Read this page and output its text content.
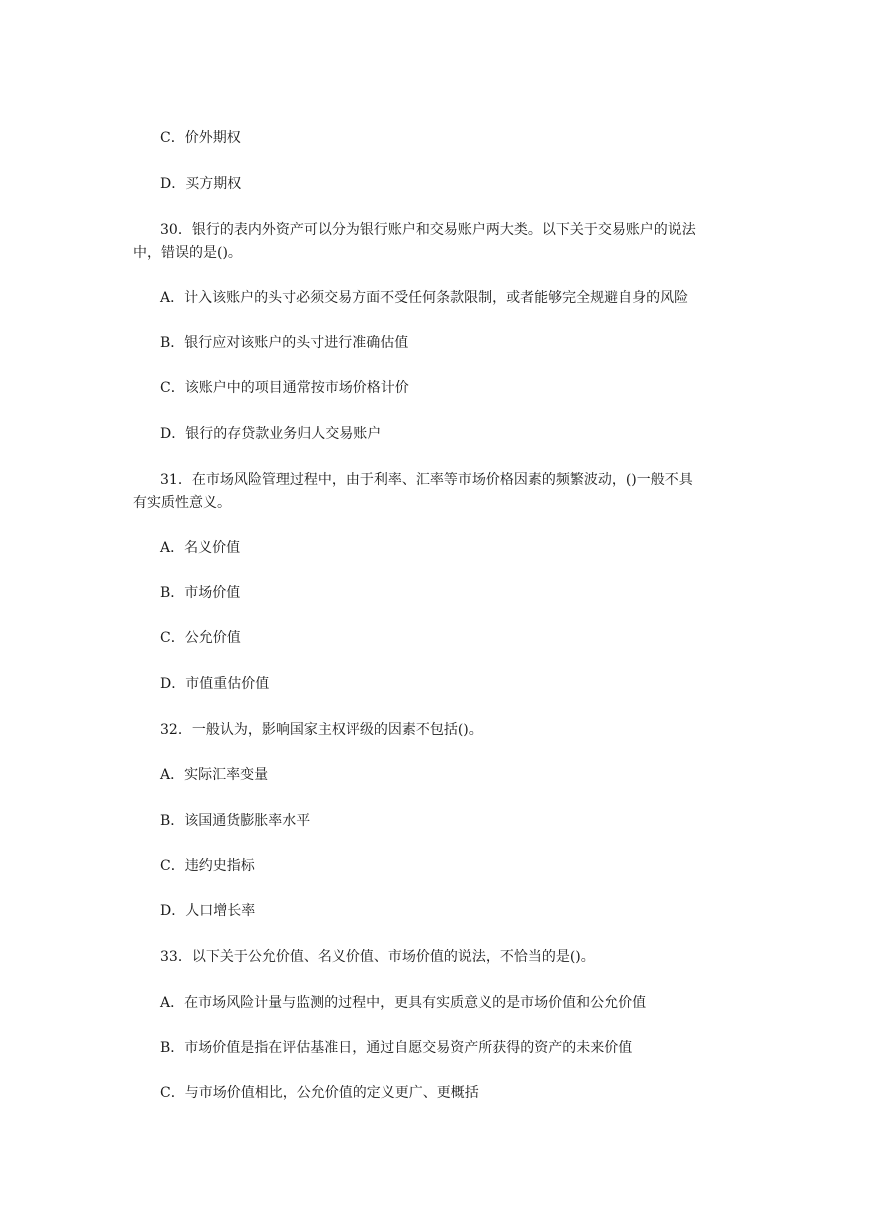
C．价外期权

D．买方期权

30．银行的表内外资产可以分为银行账户和交易账户两大类。以下关于交易账户的说法

中，错误的是()。

A．计入该账户的头寸必须交易方面不受任何条款限制，或者能够完全规避自身的风险

B．银行应对该账户的头寸进行准确估值

C．该账户中的项目通常按市场价格计价

D．银行的存贷款业务归人交易账户

31．在市场风险管理过程中，由于利率、汇率等市场价格因素的频繁波动，()一般不具

有实质性意义。

A．名义价值

B．市场价值

C．公允价值

D．市值重估价值

32．一般认为，影响国家主权评级的因素不包括()。

A．实际汇率变量

B．该国通货膨胀率水平

C．违约史指标

D．人口增长率

33．以下关于公允价值、名义价值、市场价值的说法，不恰当的是()。

A．在市场风险计量与监测的过程中，更具有实质意义的是市场价值和公允价值

B．市场价值是指在评估基准日，通过自愿交易资产所获得的资产的未来价值

C．与市场价值相比，公允价值的定义更广、更概括
